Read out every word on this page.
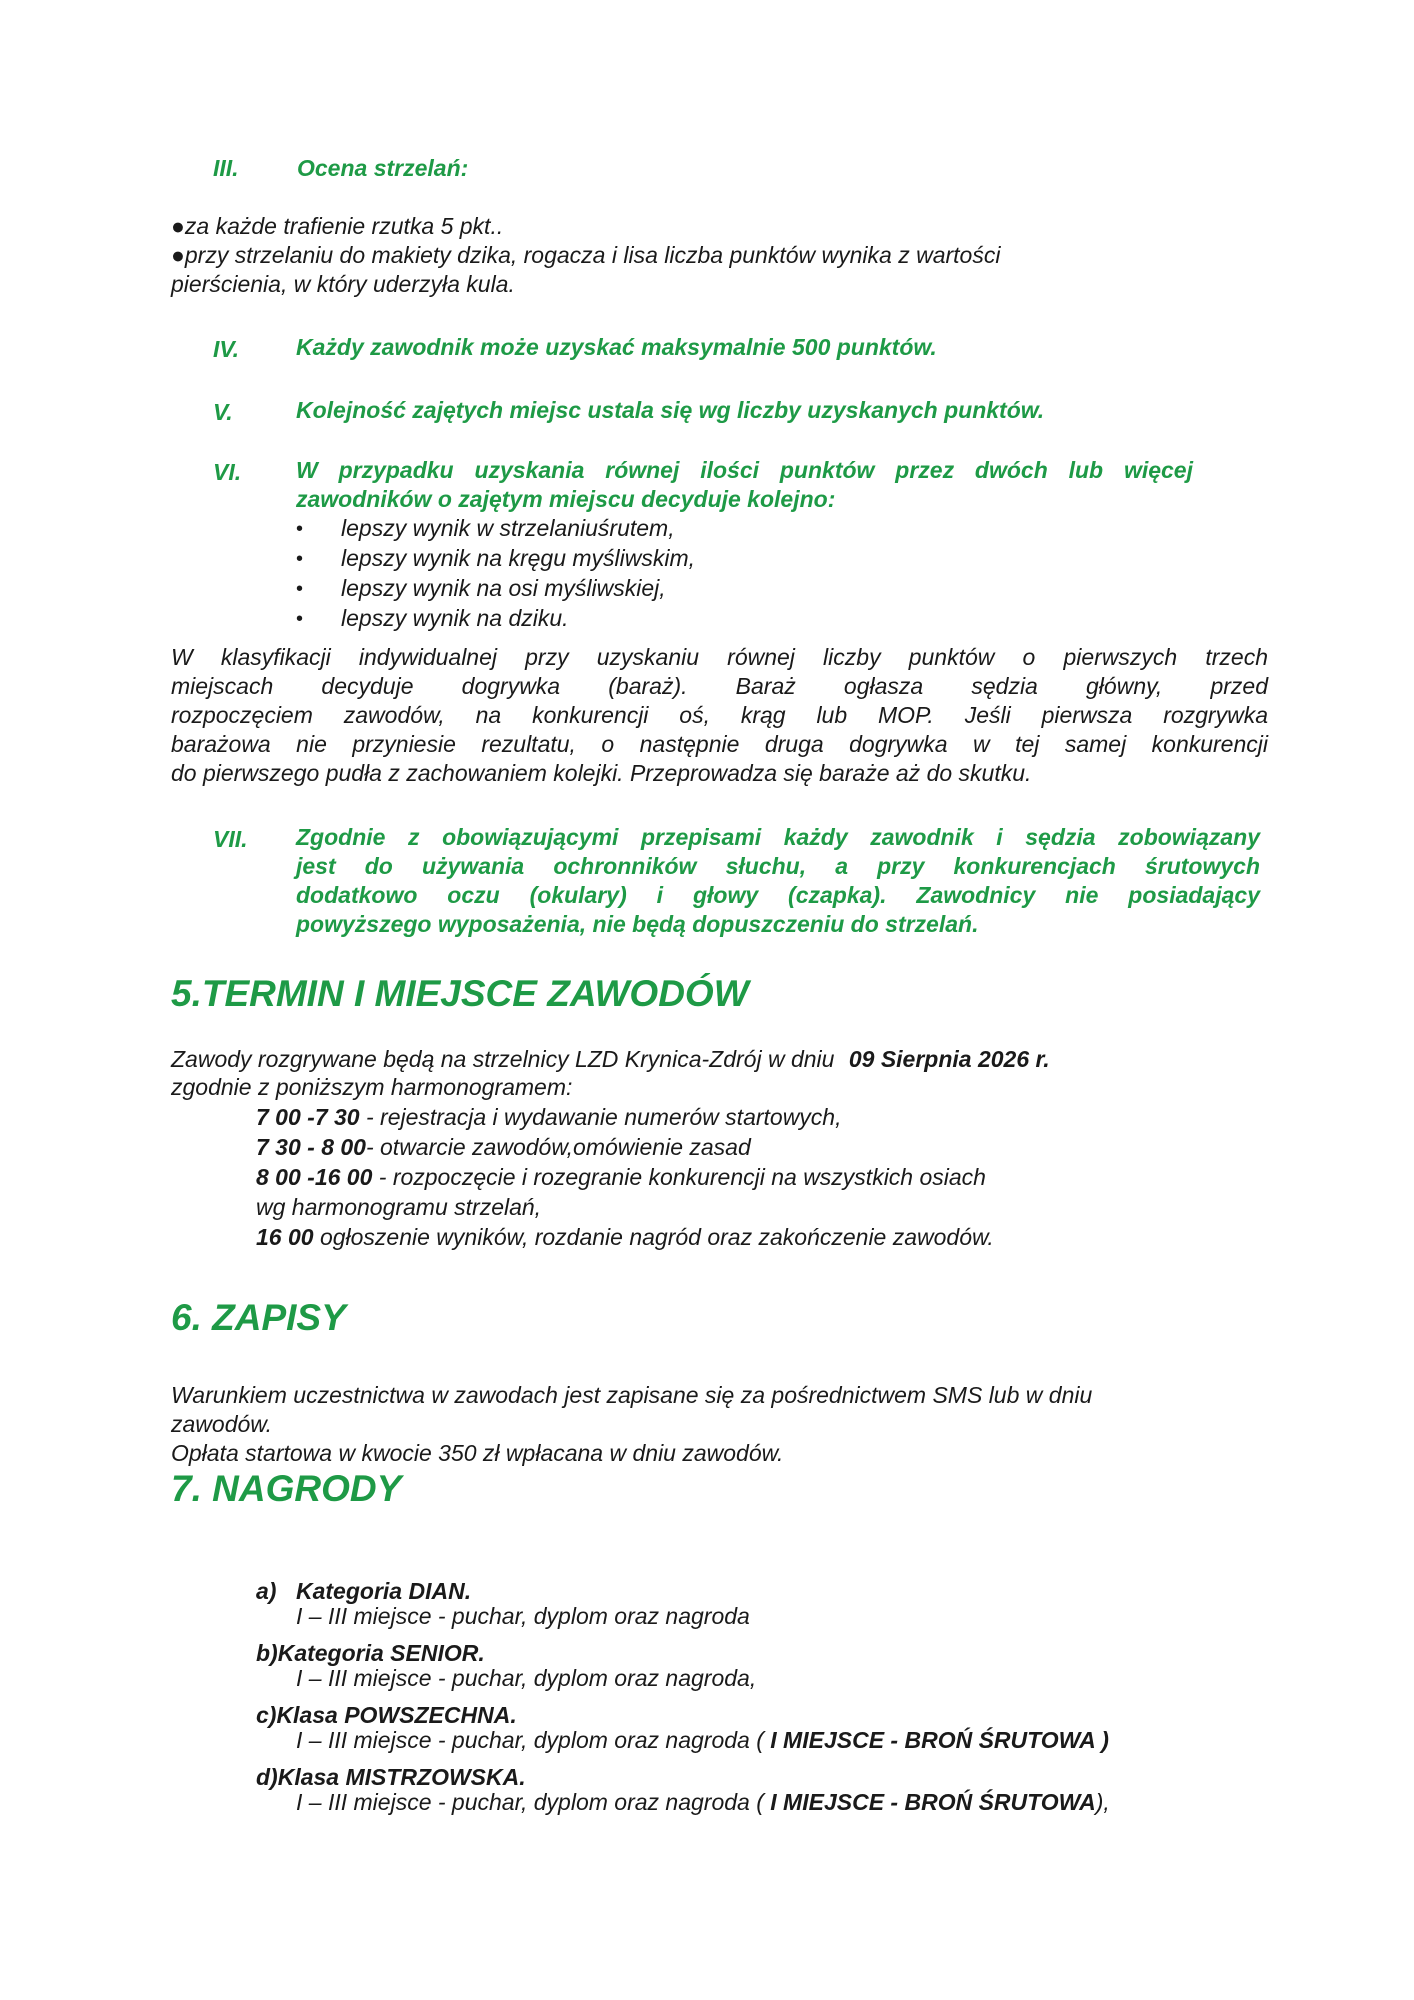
III.	Ocena strzelań:
●za każde trafienie rzutka 5 pkt..
●przy strzelaniu do makiety dzika, rogacza i lisa liczba punktów wynika z wartości
pierścienia, w który uderzyła kula.
IV. Każdy zawodnik może uzyskać maksymalnie 500 punktów.
V.	Kolejność zajętych miejsc ustala się wg liczby uzyskanych punktów.
VI. W przypadku uzyskania równej ilości punktów przez dwóch lub więcej
zawodników o zajętym miejscu decyduje kolejno:
• lepszy wynik w strzelaniuśrutem,
• lepszy wynik na kręgu myśliwskim,
• lepszy wynik na osi myśliwskiej,
• lepszy wynik na dziku.
W klasyfikacji indywidualnej przy uzyskaniu równej liczby punktów o pierwszych trzech
miejscach decyduje dogrywka (baraż). Baraż ogłasza sędzia główny, przed
rozpoczęciem zawodów, na konkurencji oś, krąg lub MOP. Jeśli pierwsza rozgrywka
barażowa nie przyniesie rezultatu, o następnie druga dogrywka w tej samej konkurencji
do pierwszego pudła z zachowaniem kolejki. Przeprowadza się baraże aż do skutku.
VII. Zgodnie z obowiązującymi przepisami każdy zawodnik i sędzia zobowiązany
jest do używania ochronników słuchu, a przy konkurencjach śrutowych
dodatkowo oczu (okulary) i głowy (czapka). Zawodnicy nie posiadający
powyższego wyposażenia, nie będą dopuszczeniu do strzelań.
5.TERMIN I MIEJSCE ZAWODÓW
Zawody rozgrywane będą na strzelnicy LZD Krynica-Zdrój w dniu 09 Sierpnia 2026 r.
zgodnie z poniższym harmonogramem:
7 00 -7 30 - rejestracja i wydawanie numerów startowych,
7 30 - 8 00- otwarcie zawodów,omówienie zasad
8 00 -16 00 - rozpoczęcie i rozegranie konkurencji na wszystkich osiach
wg harmonogramu strzelań,
16 00 ogłoszenie wyników, rozdanie nagród oraz zakończenie zawodów.
6. ZAPISY
Warunkiem uczestnictwa w zawodach jest zapisane się za pośrednictwem SMS lub w dniu
zawodów.
Opłata startowa w kwocie 350 zł wpłacana w dniu zawodów.
7. NAGRODY
a) Kategoria DIAN.
I – III miejsce - puchar, dyplom oraz nagroda
b)Kategoria SENIOR.
I – III miejsce - puchar, dyplom oraz nagroda,
c)Klasa POWSZECHNA.
I – III miejsce - puchar, dyplom oraz nagroda ( I MIEJSCE - BROŃ ŚRUTOWA )
d)Klasa MISTRZOWSKA.
I – III miejsce - puchar, dyplom oraz nagroda ( I MIEJSCE - BROŃ ŚRUTOWA),
